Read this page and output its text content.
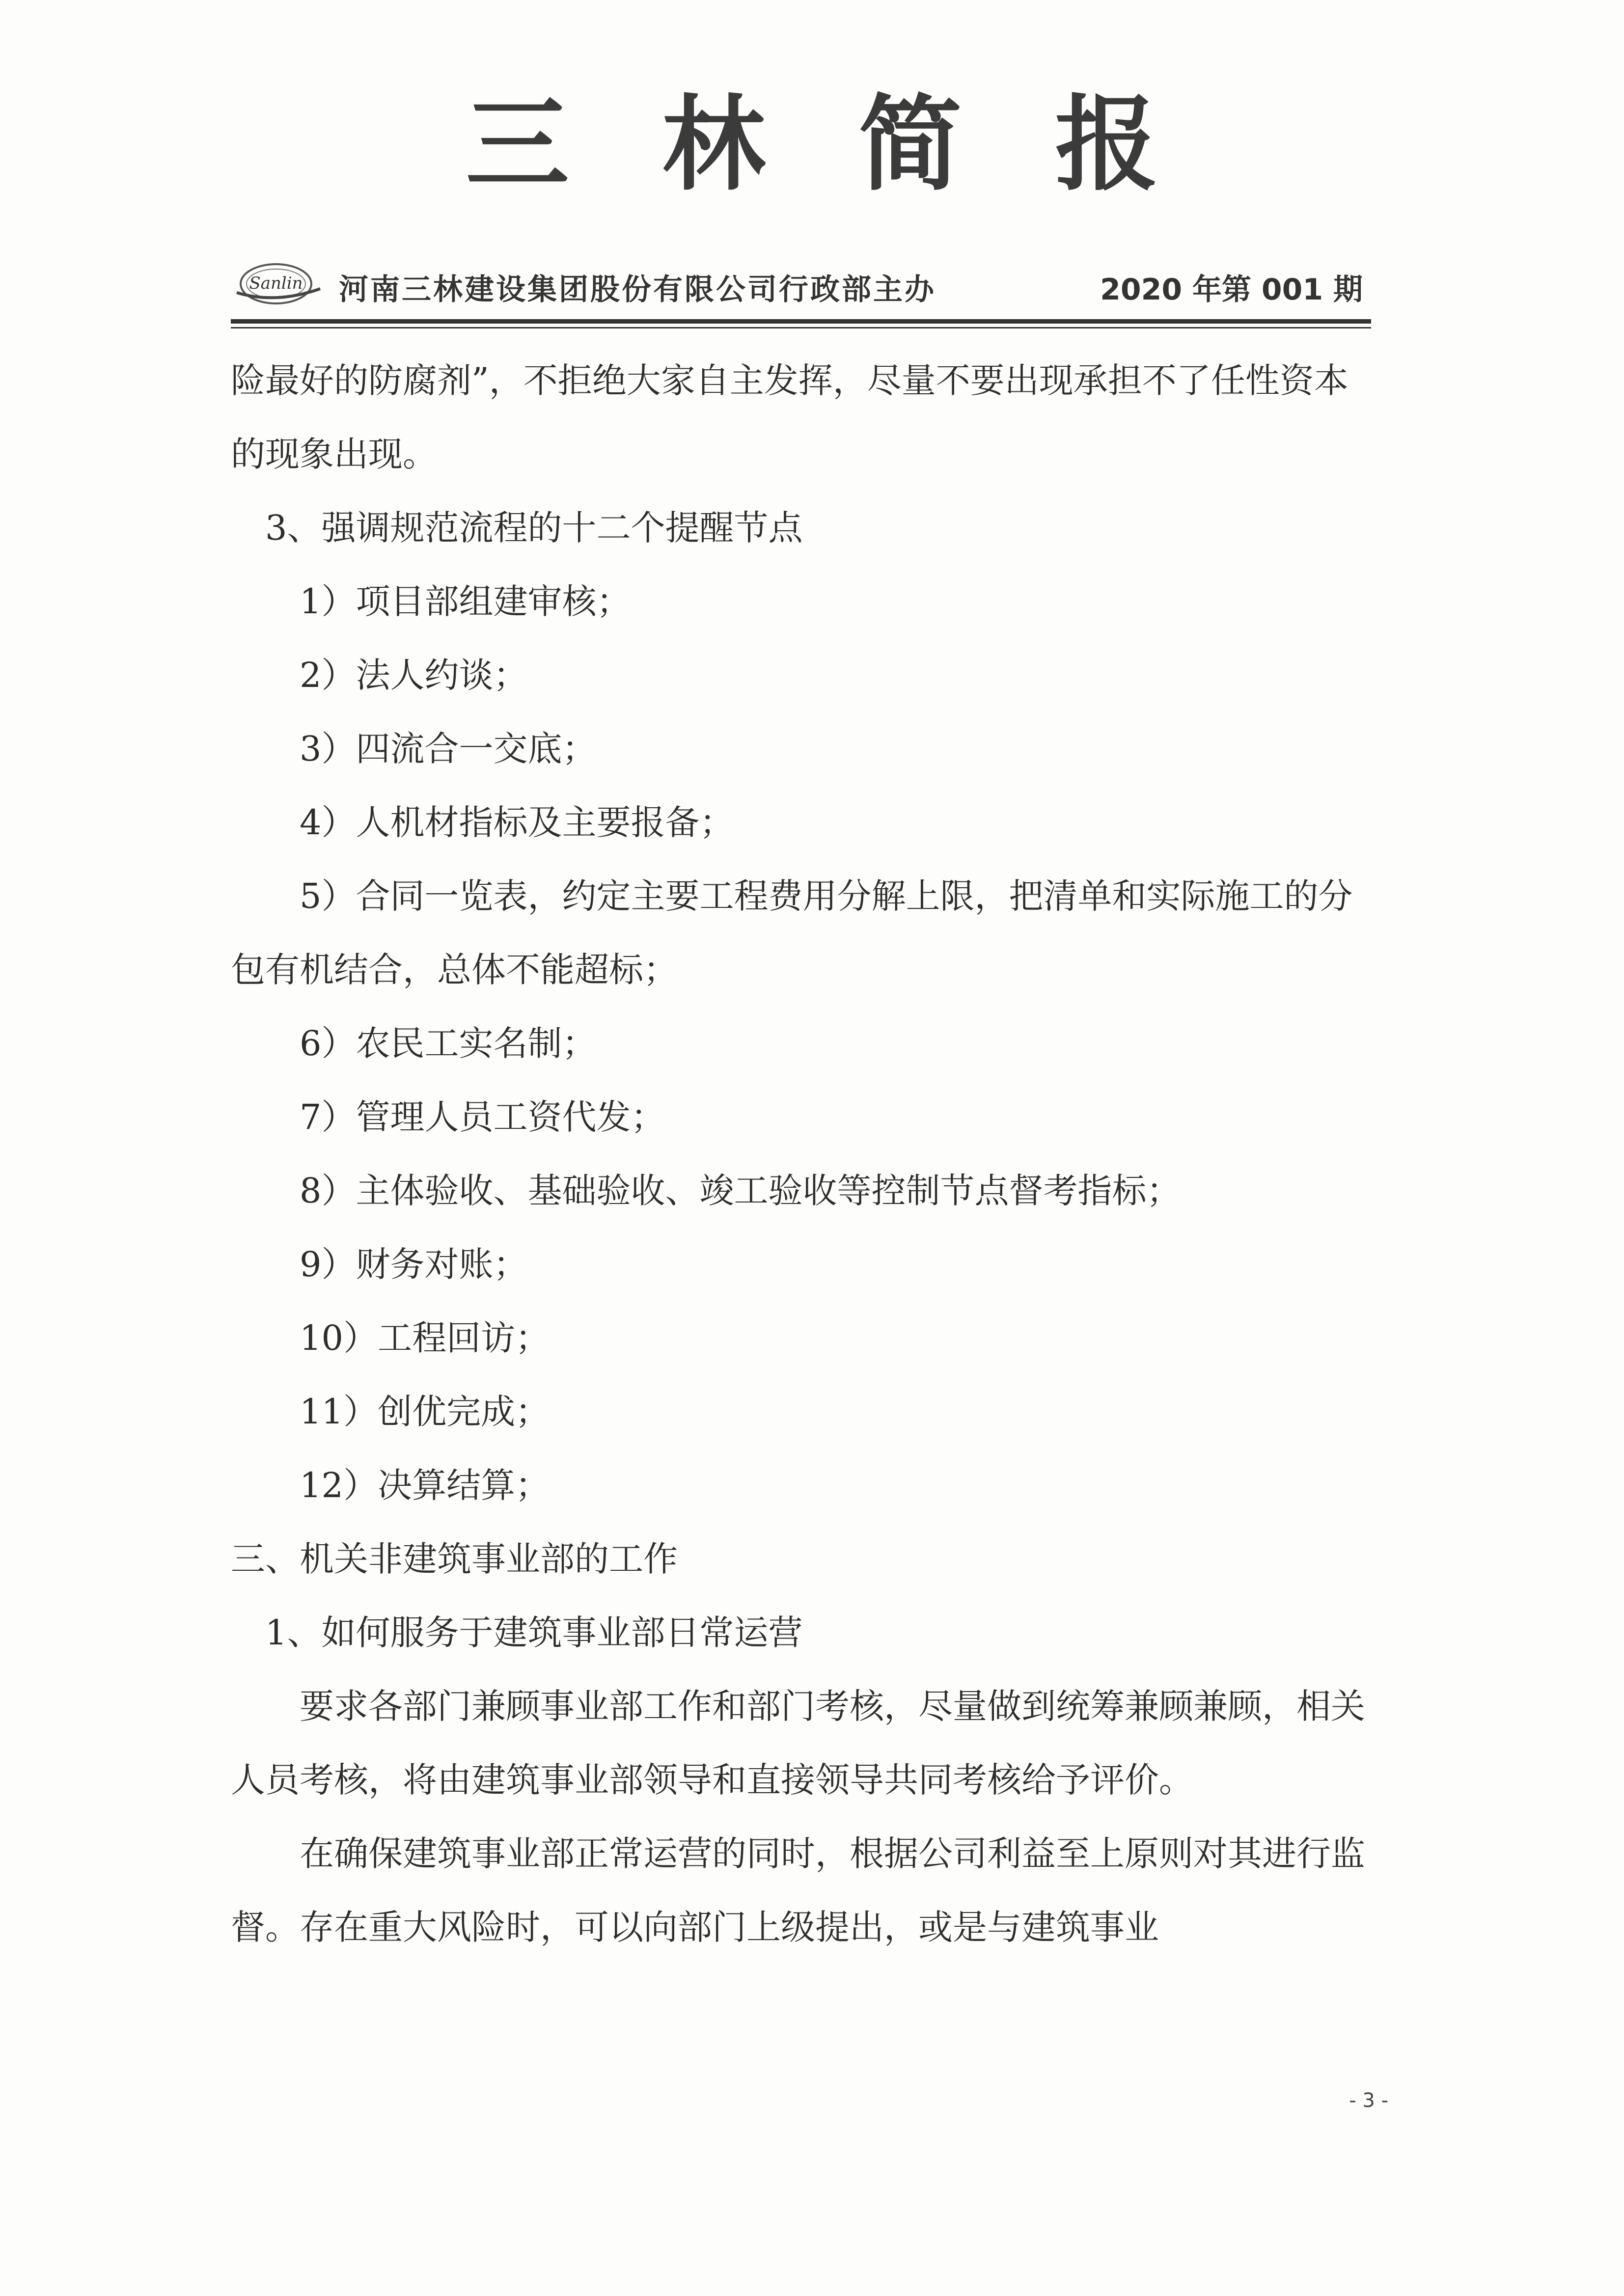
三林简报
Sanlin 河南三林建设集团股份有限公司行政部主办	2020 年第 001 期

险最好的防腐剂”，不拒绝大家自主发挥，尽量不要出现承担不了任性资本的现象出现。

3、强调规范流程的十二个提醒节点

1）项目部组建审核；

2）法人约谈；

3）四流合一交底；

4）人机材指标及主要报备；

5）合同一览表，约定主要工程费用分解上限，把清单和实际施工的分包有机结合，总体不能超标；

6）农民工实名制；

7）管理人员工资代发；

8）主体验收、基础验收、竣工验收等控制节点督考指标；

9）财务对账；

10）工程回访；

11）创优完成；

12）决算结算；

三、机关非建筑事业部的工作

1、如何服务于建筑事业部日常运营

要求各部门兼顾事业部工作和部门考核，尽量做到统筹兼顾兼顾，相关人员考核，将由建筑事业部领导和直接领导共同考核给予评价。

在确保建筑事业部正常运营的同时，根据公司利益至上原则对其进行监督。存在重大风险时，可以向部门上级提出，或是与建筑事业

- 3 -
